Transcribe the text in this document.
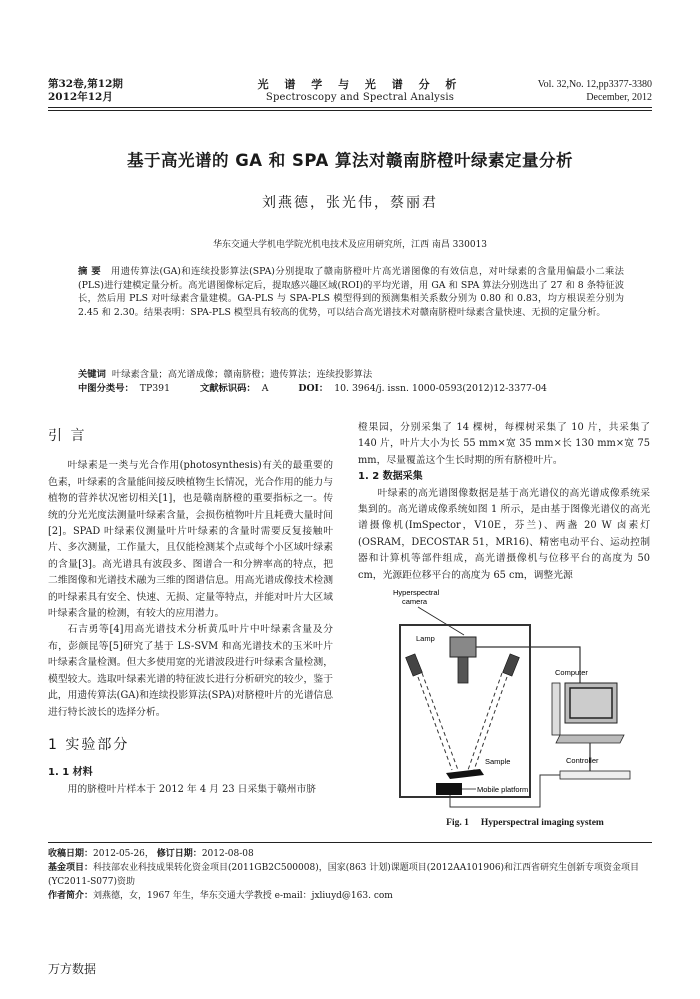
第32卷,第12期
2012年12月
光 谱 学 与 光 谱 分 析
Spectroscopy and Spectral Analysis
Vol. 32,No. 12,pp3377-3380
December, 2012
基于高光谱的 GA 和 SPA 算法对赣南脐橙叶绿素定量分析
刘燕德，张光伟，蔡丽君
华东交通大学机电学院光机电技术及应用研究所，江西 南昌 330013
摘 要 用遗传算法(GA)和连续投影算法(SPA)分别提取了赣南脐橙叶片高光谱图像的有效信息，对叶绿素的含量用偏最小二乘法(PLS)进行建模定量分析。高光谱图像标定后，提取感兴趣区域(ROI)的平均光谱，用 GA 和 SPA 算法分别选出了 27 和 8 条特征波长，然后用 PLS 对叶绿素含量建模。GA-PLS 与 SPA-PLS 模型得到的预测集相关系数分别为 0.80 和 0.83，均方根误差分别为 2.45 和 2.30。结果表明：SPA-PLS 模型具有较高的优势，可以结合高光谱技术对赣南脐橙叶绿素含量快速、无损的定量分析。
关键词 叶绿素含量；高光谱成像；赣南脐橙；遗传算法；连续投影算法
中图分类号： TP391	文献标识码： A	DOI： 10. 3964/j. issn. 1000-0593(2012)12-3377-04
引 言

叶绿素是一类与光合作用(photosynthesis)有关的最重要的色素，叶绿素的含量能间接反映植物生长情况，光合作用的能力与植物的营养状况密切相关[1]，也是赣南脐橙的重要指标之一。传统的分光光度法测量叶绿素含量，会损伤植物叶片且耗费大量时间[2]。SPAD 叶绿素仪测量叶片叶绿素的含量时需要反复接触叶片、多次测量，工作量大，且仅能检测某个点或每个小区域叶绿素的含量[3]。高光谱具有波段多、图谱合一和分辨率高的特点，把二维图像和光谱技术融为三维的图谱信息。用高光谱成像技术检测的叶绿素具有安全、快速、无损、定量等特点，并能对叶片大区域叶绿素含量的检测，有较大的应用潜力。

石吉勇等[4]用高光谱技术分析黄瓜叶片中叶绿素含量及分布，彭颜昆等[5]研究了基于 LS-SVM 和高光谱技术的玉米叶片叶绿素含量检测。但大多使用宽的光谱波段进行叶绿素含量检测，模型较大。选取叶绿素光谱的特征波长进行分析研究的较少，鉴于此，用遗传算法(GA)和连续投影算法(SPA)对脐橙叶片的光谱信息进行特长波长的选择分析。

1 实验部分
1. 1 材料

用的脐橙叶片样本于 2012 年 4 月 23 日采集于赣州市脐

橙果园，分别采集了 14 棵树，每棵树采集了 10 片，共采集了 140 片，叶片大小为长 55 mm×宽 35 mm×长 130 mm×宽 75 mm，尽量覆盖这个生长时期的所有脐橙叶片。

1. 2 数据采集

叶绿素的高光谱图像数据是基于高光谱仪的高光谱成像系统采集到的。高光谱成像系统如图 1 所示，是由基于图像光谱仪的高光谱摄像机(ImSpector，V10E，芬兰)、两盏 20 W 卤素灯(OSRAM，DECOSTAR 51，MR16)、精密电动平台、运动控制器和计算机等部件组成，高光谱摄像机与位移平台的高度为 50 cm，光源距位移平台的高度为 65 cm，调整光源

Hyperspectral
camera
Lamp
Sample
Mobile platform
Computer
Controller
Fig. 1 Hyperspectral imaging system
收稿日期：2012-05-26， 修订日期：2012-08-08
基金项目：科技部农业科技成果转化资金项目(2011GB2C500008)，国家(863 计划)课题项目(2012AA101906)和江西省研究生创新专项资金项目(YC2011-S077)资助
作者简介：刘燕德，女，1967 年生，华东交通大学教授 e-mail：jxliuyd@163. com
万方数据
